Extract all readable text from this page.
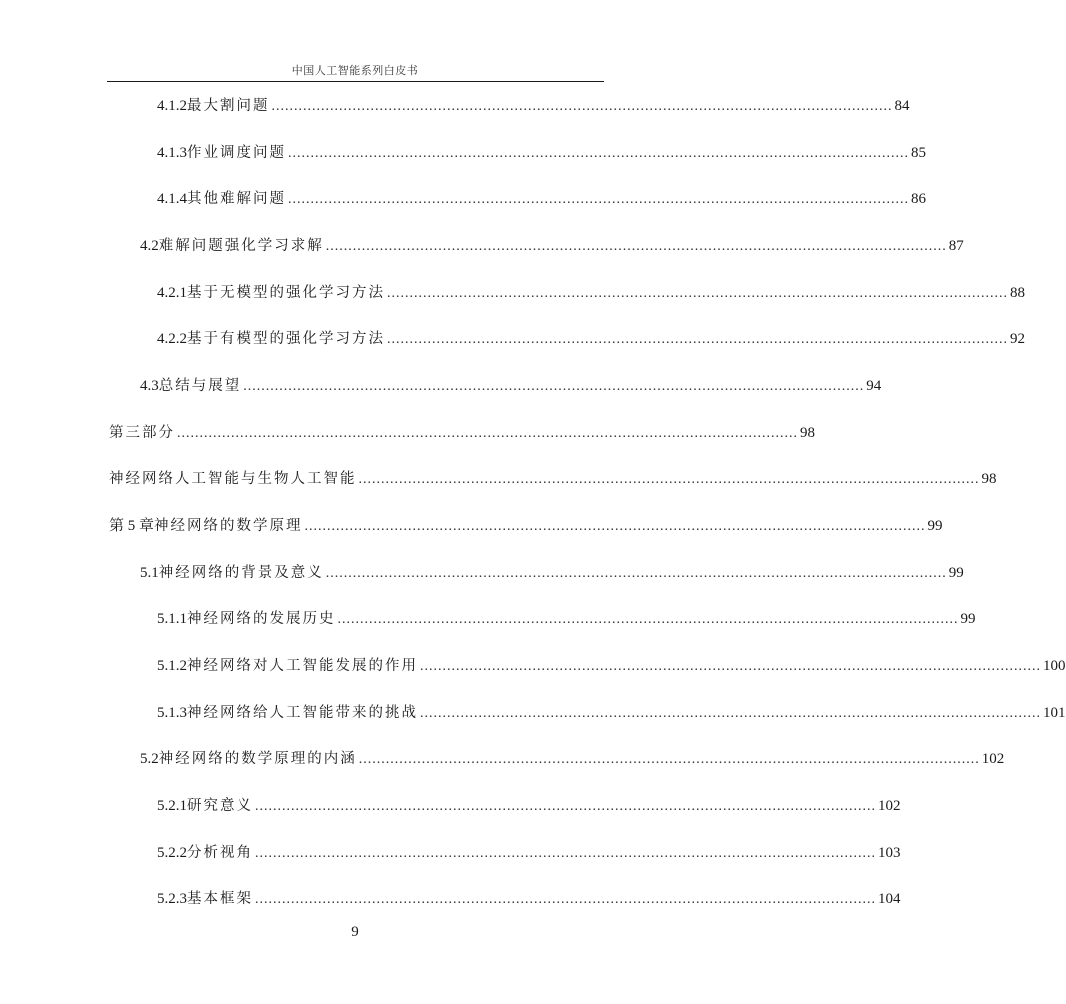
中国人工智能系列白皮书
4.1.2 最大割问题 .......................................................................................................................................... 84
4.1.3 作业调度问题 .......................................................................................................................................... 85
4.1.4 其他难解问题 .......................................................................................................................................... 86
4.2 难解问题强化学习求解 .......................................................................................................................................... 87
4.2.1 基于无模型的强化学习方法 .......................................................................................................................................... 88
4.2.2 基于有模型的强化学习方法 .......................................................................................................................................... 92
4.3 总结与展望 .......................................................................................................................................... 94
第三部分 .......................................................................................................................................... 98
神经网络人工智能与生物人工智能 .......................................................................................................................................... 98
第 5 章 神经网络的数学原理 .......................................................................................................................................... 99
5.1 神经网络的背景及意义 .......................................................................................................................................... 99
5.1.1 神经网络的发展历史 .......................................................................................................................................... 99
5.1.2 神经网络对人工智能发展的作用 .......................................................................................................................................... 100
5.1.3 神经网络给人工智能带来的挑战 .......................................................................................................................................... 101
5.2 神经网络的数学原理的内涵 .......................................................................................................................................... 102
5.2.1 研究意义 .......................................................................................................................................... 102
5.2.2 分析视角 .......................................................................................................................................... 103
5.2.3 基本框架 .......................................................................................................................................... 104
9
